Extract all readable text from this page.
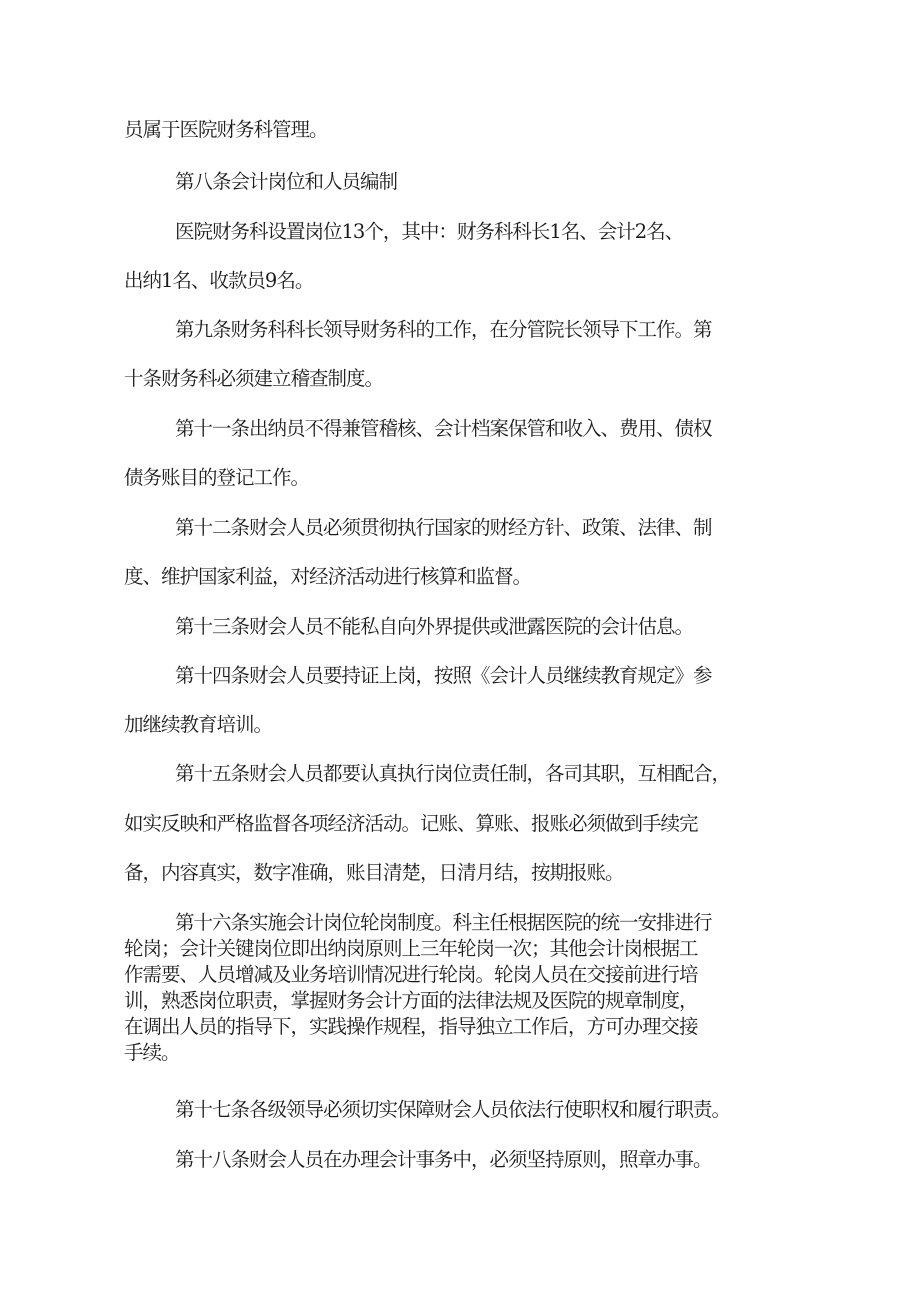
员属于医院财务科管理。
第八条会计岗位和人员编制
医院财务科设置岗位13个，其中：财务科科长1名、会计2名、
出纳1名、收款员9名。
第九条财务科科长领导财务科的工作，在分管院长领导下工作。第
十条财务科必须建立稽查制度。
第十一条出纳员不得兼管稽核、会计档案保管和收入、费用、债权
债务账目的登记工作。
第十二条财会人员必须贯彻执行国家的财经方针、政策、法律、制
度、维护国家利益，对经济活动进行核算和监督。
第十三条财会人员不能私自向外界提供或泄露医院的会计估息。
第十四条财会人员要持证上岗，按照《会计人员继续教育规定》参
加继续教育培训。
第十五条财会人员都要认真执行岗位责任制，各司其职，互相配合，
如实反映和严格监督各项经济活动。记账、算账、报账必须做到手续完
备，内容真实，数字准确，账目清楚，日清月结，按期报账。
第十六条实施会计岗位轮岗制度。科主任根据医院的统一安排进行
轮岗；会计关键岗位即出纳岗原则上三年轮岗一次；其他会计岗根据工
作需要、人员增减及业务培训情况进行轮岗。轮岗人员在交接前进行培
训，熟悉岗位职责，掌握财务会计方面的法律法规及医院的规章制度，
在调出人员的指导下，实践操作规程，指导独立工作后，方可办理交接
手续。
第十七条各级领导必须切实保障财会人员依法行使职权和履行职责。
第十八条财会人员在办理会计事务中，必须坚持原则，照章办事。
